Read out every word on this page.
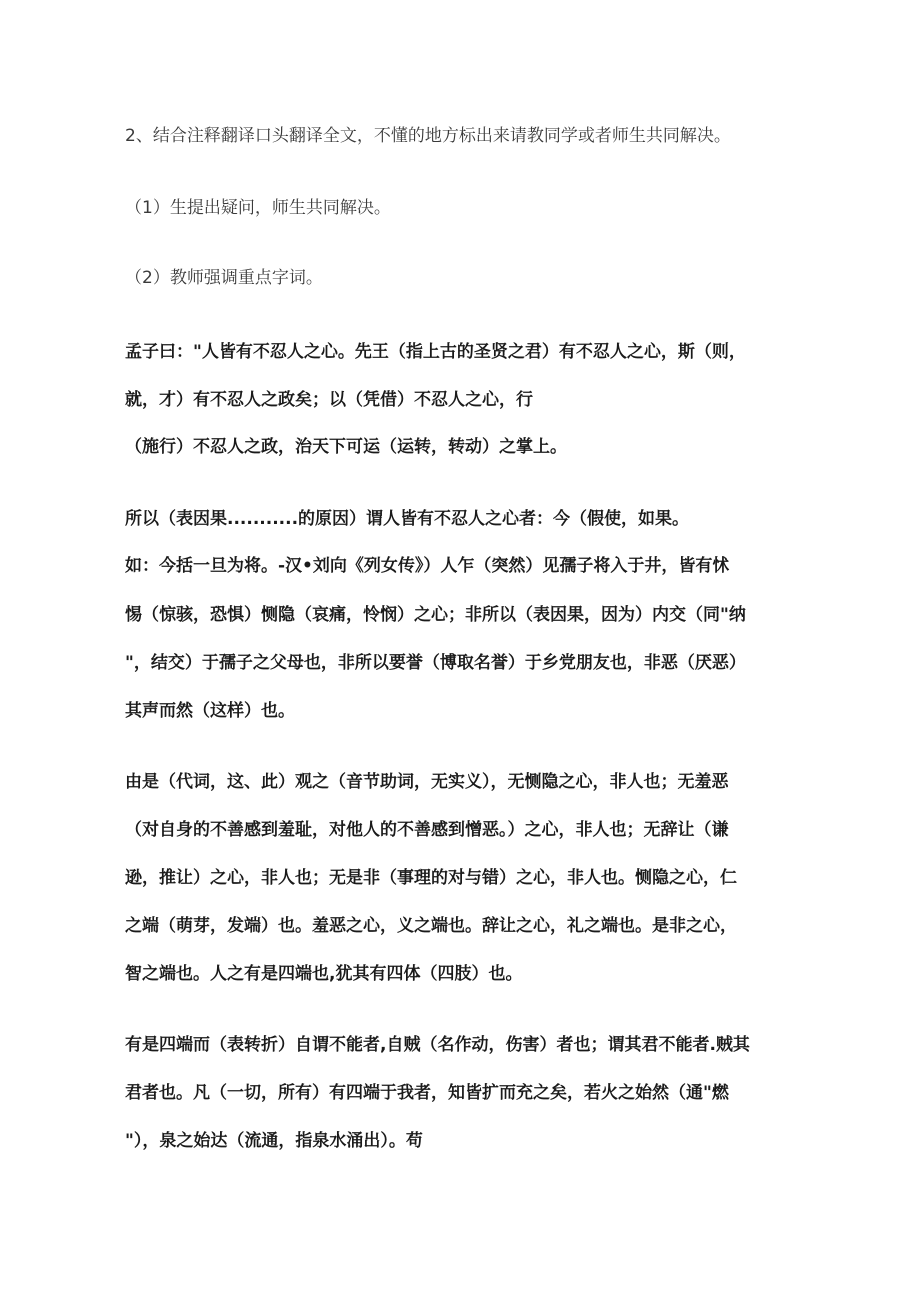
2、结合注释翻译口头翻译全文，不懂的地方标出来请教同学或者师生共同解决。
（1）生提出疑问，师生共同解决。
（2）教师强调重点字词。
孟子曰："人皆有不忍人之心。先王（指上古的圣贤之君）有不忍人之心，斯（则，
就，才）有不忍人之政矣；以（凭借）不忍人之心，行
（施行）不忍人之政，治天下可运（运转，转动）之掌上。
所以（表因果...........的原因）谓人皆有不忍人之心者：今（假使，如果。
如：今括一旦为将。-汉•刘向《列女传》）人乍（突然）见孺子将入于井，皆有怵
惕（惊骇，恐惧）恻隐（哀痛，怜悯）之心；非所以（表因果，因为）内交（同"纳
"，结交）于孺子之父母也，非所以要誉（博取名誉）于乡党朋友也，非恶（厌恶）
其声而然（这样）也。
由是（代词，这、此）观之（音节助词，无实义），无恻隐之心，非人也；无羞恶
（对自身的不善感到羞耻，对他人的不善感到憎恶。）之心，非人也；无辞让（谦
逊，推让）之心，非人也；无是非（事理的对与错）之心，非人也。恻隐之心，仁
之端（萌芽，发端）也。羞恶之心，义之端也。辞让之心，礼之端也。是非之心，
智之端也。人之有是四端也,犹其有四体（四肢）也。
有是四端而（表转折）自谓不能者,自贼（名作动，伤害）者也；谓其君不能者.贼其
君者也。凡（一切，所有）有四端于我者，知皆扩而充之矣，若火之始然（通"燃
"），泉之始达（流通，指泉水涌出）。苟
